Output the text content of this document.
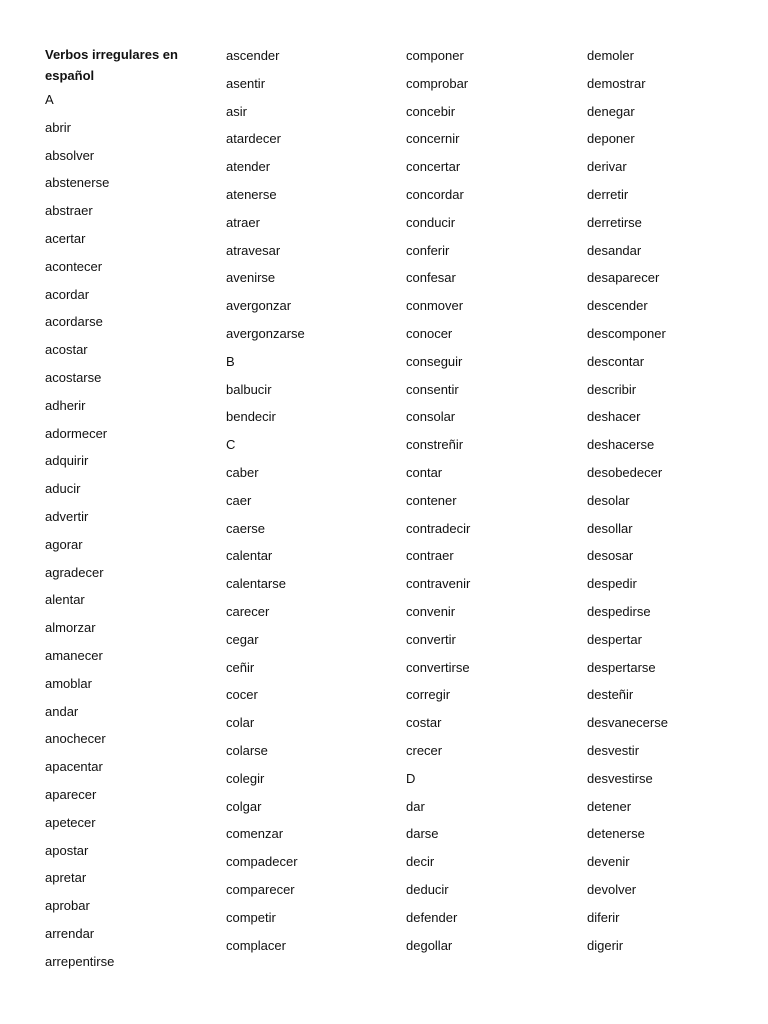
Verbos irregulares en español

A
abrir
absolver
abstenerse
abstraer
acertar
acontecer
acordar
acordarse
acostar
acostarse
adherir
adormecer
adquirir
aducir
advertir
agorar
agradecer
alentar
almorzar
amanecer
amoblar
andar
anochecer
apacentar
aparecer
apetecer
apostar
apretar
aprobar
arrendar
arrepentirse
ascender
asentir
asir
atardecer
atender
atenerse
atraer
atravesar
avenirse
avergonzar
avergonzarse
B
balbucir
bendecir
C
caber
caer
caerse
calentar
calentarse
carecer
cegar
ceñir
cocer
colar
colarse
colegir
colgar
comenzar
compadecer
comparecer
competir
complacer
componer
comprobar
concebir
concernir
concertar
concordar
conducir
conferir
confesar
conmover
conocer
conseguir
consentir
consolar
constreñir
contar
contener
contradecir
contraer
contravenir
convenir
convertir
convertirse
corregir
costar
crecer
D
dar
darse
decir
deducir
defender
degollar
demoler
demostrar
denegar
deponer
derivar
derretir
derretirse
desandar
desaparecer
descender
descomponer
descontar
describir
deshacer
deshacerse
desobedecer
desolar
desollar
desosar
despedir
despedirse
despertar
despertarse
desteñir
desvanecerse
desvestir
desvestirse
detener
detenerse
devenir
devolver
diferir
digerir
